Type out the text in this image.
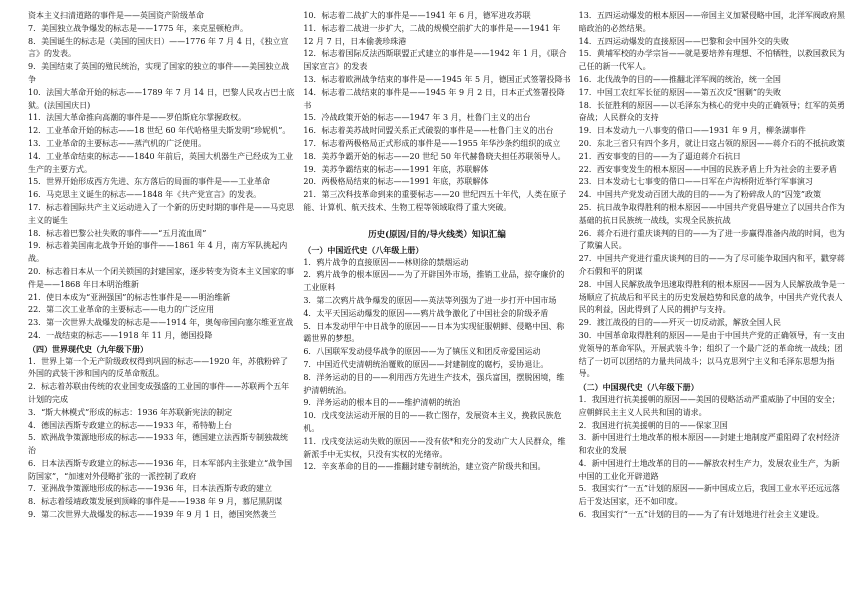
资本主义扫清道路的事件是——英国资产阶级革命

7．美国独立战争爆发的标志是——1775 年，来克星顿枪声。

8．美国诞生的标志是（美国的国庆日）——1776 年 7 月 4 日，《独立宣言》的发表。

9．美国结束了英国的殖民统治，实现了国家的独立的事件——美国独立战争

10．法国大革命开始的标志——1789 年 7 月 14 日，巴黎人民攻占巴士底狱。(法国国庆日)

11．法国大革命推向高潮的事件是——罗伯斯庇尔掌握政权。

12．工业革命开始的标志——18 世纪 60 年代哈格里夫斯发明“珍妮机”。

13．工业革命的主要标志——蒸汽机的广泛使用。

14．工业革命结束的标志——1840 年前后，英国大机器生产已经成为工业生产的主要方式。

15．世界开始形成西方先进、东方落后的局面的事件是——工业革命

16．马克思主义诞生的标志——1848 年《共产党宣言》的发表。

17．标志着国际共产主义运动进入了一个新的历史时期的事件是——马克思主义的诞生

18．标志着巴黎公社失败的事件——“五月流血周”

19．标志着美国南北战争开始的事件——1861 年 4 月，南方军队挑起内战。

20．标志着日本从一个闭关锁国的封建国家，逐步转变为资本主义国家的事件是——1868 年日本明治维新

21．使日本成为“亚洲强国”的标志性事件是——明治维新

22．第二次工业革命的主要标志——电力的广泛应用

23．第一次世界大战爆发的标志是——1914 年，奥匈帝国向塞尔维亚宣战

24．一战结束的标志——1918 年 11 月，德国投降

（四）世界现代史（九年级下册）

1．世界上第一个无产阶级政权得到巩固的标志——1920 年，苏俄粉碎了外国的武装干涉和国内的反革命叛乱。

2．标志着苏联由传统的农业国变成强盛的工业国的事件——苏联两个五年计划的完成

3．“斯大林模式”形成的标志：1936 年苏联新宪法的制定

4．德国法西斯专政建立的标志——1933 年，希特勒上台

5．欧洲战争策源地形成的标志——1933 年，德国建立法西斯专制独裁统治

6．日本法西斯专政建立的标志——1936 年，日本军部内主张建立“战争国防国家”，“加速对外侵略扩张的一派控制了政府

7．亚洲战争策源地形成的标志——1936 年，日本法西斯专政的建立

8．标志着绥靖政策发展到顶峰的事件是——1938 年 9 月，慕尼黑阴谋

9．第二次世界大战爆发的标志——1939 年 9 月 1 日，德国突然袭兰

10．标志着二战扩大的事件是——1941 年 6 月，德军进攻苏联

11．标志着二战进一步扩大，二战的规模空前扩大的事件是——1941 年 12 月 7 日，日本偷袭珍珠港

12．标志着国际反法西斯联盟正式建立的事件是——1942 年 1 月，《联合国家宣言》的发表

13．标志着欧洲战争结束的事件是——1945 年 5 月，德国正式签署投降书

14．标志着二战结束的事件是——1945 年 9 月 2 日，日本正式签署投降书

15．冷战政策开始的标志——1947 年 3 月，杜鲁门主义的出台

16．标志着美苏战时同盟关系正式破裂的事件是——杜鲁门主义的出台

17．标志着两极格局正式形成的事件是——1955 年华沙条约组织的成立

18．美苏争霸开始的标志——20 世纪 50 年代赫鲁晓夫担任苏联领导人。

19．美苏争霸结束的标志——1991 年底，苏联解体

20．两极格局结束的标志——1991 年底，苏联解体

21．第三次科技革命到来的重要标志——20 世纪四五十年代，人类在原子能、计算机、航天技术、生物工程等领域取得了重大突破。

历史(原因/目的/导火线类）知识汇编

（一）中国近代史（八年级上册）

1．鸦片战争的直接原因——林则徐的禁烟运动

2．鸦片战争的根本原因——为了开辟国外市场，推销工业品，掠夺廉价的工业原料

3．第二次鸦片战争爆发的原因——英法等列强为了进一步打开中国市场

4．太平天国运动爆发的原因——鸦片战争激化了中国社会的阶级矛盾

5．日本发动甲午中日战争的原因——日本为实现征服朝鲜、侵略中国、称霸世界的梦想。

6．八国联军发动侵华战争的原因——为了镇压义和团反帝爱国运动

7．中国近代史清朝统治覆败的原因——封建制度的腐朽，妥协退让。

8．洋务运动的目的——利用西方先进生产技术，强兵富国，摆脱困境，维护清朝统治。

9．洋务运动的根本目的——维护清朝的统治

10．戊戌变法运动开展的目的——救亡图存，发展资本主义，挽救民族危机。

11．戊戌变法运动失败的原因——没有依*和充分的发动广大人民群众，维新派手中无实权，只没有实权的光绪帝。

12．辛亥革命的目的——推翻封建专制统治，建立资产阶级共和国。

13．五四运动爆发的根本原因——帝国主义加紧侵略中国，北洋军阀政府黑暗政治的必然结果。

14．五四运动爆发的直接原因——巴黎和会中国外交的失败

15．黄埔军校的办学宗旨——就是要培养有理想、不怕牺牲，以救国救民为己任的新一代军人。

16．北伐战争的目的——推翻北洋军阀的统治，统一全国

17．中国工农红军长征的原因——第五次反“围剿”的失败

18．长征胜利的原因——以毛泽东为核心的党中央的正确领导；红军的英勇奋战；人民群众的支持

19．日本发动九一八事变的借口——1931 年 9 月，柳条湖事件

20．东北三省只有四个多月，就让日寇占领的原因——蒋介石的不抵抗政策

21．西安事变的目的——为了逼迫蒋介石抗日

22．西安事变发生的根本原因——中国的民族矛盾上升为社会的主要矛盾

23．日本发动七七事变的借口——日军在卢沟桥附近举行军事演习

24．中国共产党发动百团大战的目的——为了粉碎敌人的“囚笼”政策

25．抗日战争取得胜利的根本原因——中国共产党倡导建立了以国共合作为基础的抗日民族统一战线，实现全民族抗战

26．蒋介石进行重庆谈判的目的——为了进一步赢得准备内战的时间，也为了欺骗人民。

27．中国共产党进行重庆谈判的目的——为了尽可能争取国内和平，戳穿蒋介石假和平的阴谋

28．中国人民解放战争迅速取得胜利的根本原因——因为人民解放战争是一场顺应了抗战后和平民主的历史发展趋势和民意的战争，中国共产党代表人民的利益，因此得到了人民的拥护与支持。

29．渡江战役的目的——歼灭一切反动派，解放全国人民

30．中国革命取得胜利的原因——是由于中国共产党的正确领导，有一支由党领导的革命军队，开展武装斗争；组织了一个最广泛的革命统一战线；团结了一切可以团结的力量共同战斗；以马克思列宁主义和毛泽东思想为指导。

（二）中国现代史（八年级下册）

1．我国进行抗美援朝的原因——美国的侵略活动严重威胁了中国的安全；应朝鲜民主主义人民共和国的请求。

2．我国进行抗美援朝的目的——保家卫国

3．新中国进行土地改革的根本原因——封建土地制度严重阻碍了农村经济和农业的发展

4．新中国进行土地改革的目的——解放农村生产力，发展农业生产，为新中国的工业化开辟道路

5．我国实行“一五”计划的原因——新中国成立后，我国工业水平还远远落后于发达国家，还不如印度。

6．我国实行“一五”计划的目的——为了有计划地进行社会主义建设。
